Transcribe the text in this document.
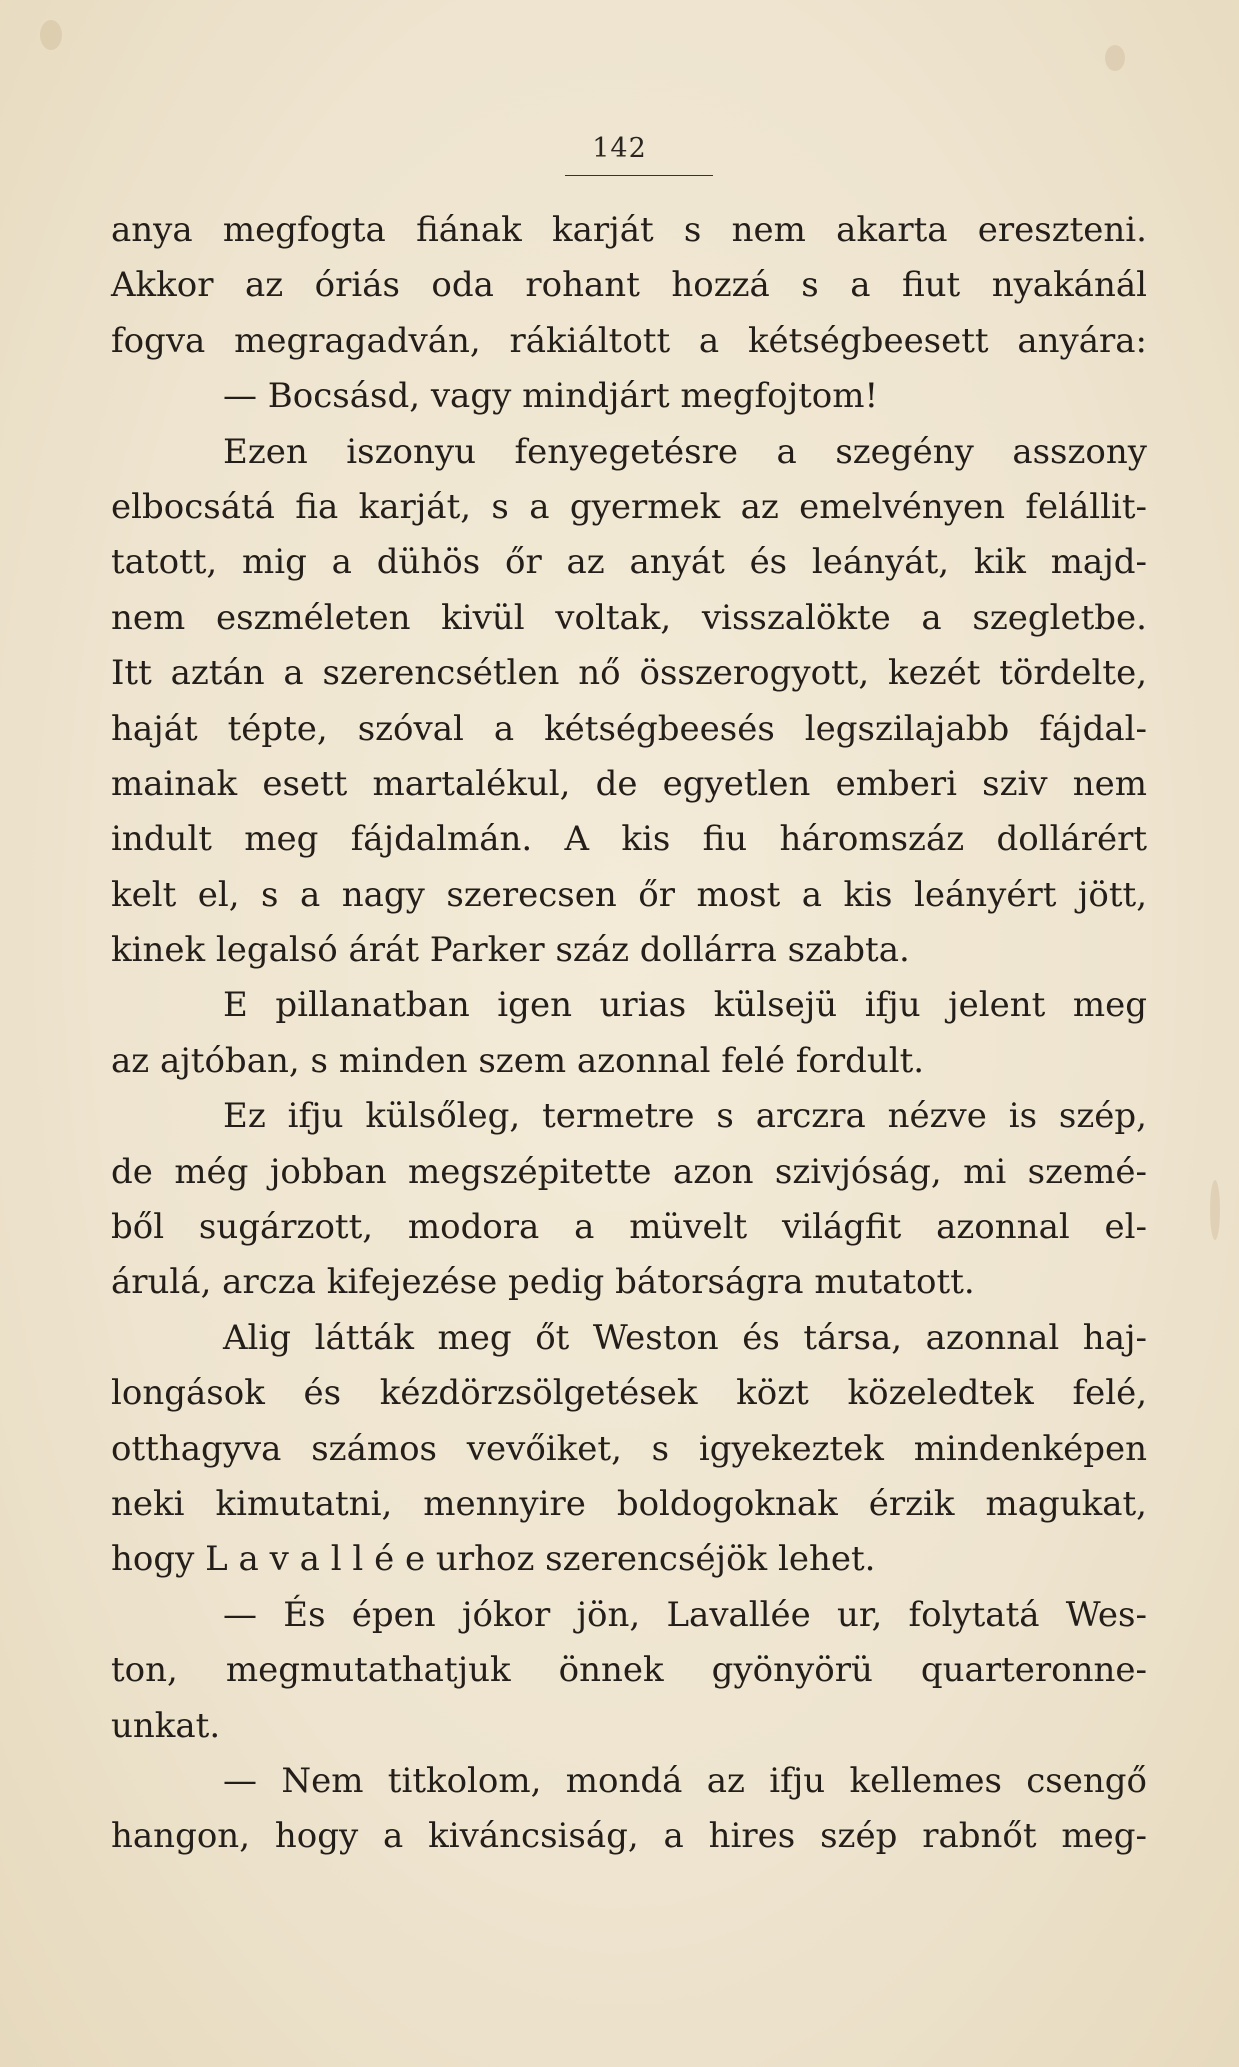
142
anya megfogta fiának karját s nem akarta ereszteni.
Akkor az óriás oda rohant hozzá s a fiut nyakánál
fogva megragadván, rákiáltott a kétségbeesett anyára:
— Bocsásd, vagy mindjárt megfojtom!
Ezen iszonyu fenyegetésre a szegény asszony
elbocsátá fia karját, s a gyermek az emelvényen felállit-
tatott, mig a dühös őr az anyát és leányát, kik majd-
nem eszméleten kivül voltak, visszalökte a szegletbe.
Itt aztán a szerencsétlen nő összerogyott, kezét tördelte,
haját tépte, szóval a kétségbeesés legszilajabb fájdal-
mainak esett martalékul, de egyetlen emberi sziv nem
indult meg fájdalmán. A kis fiu háromszáz dollárért
kelt el, s a nagy szerecsen őr most a kis leányért jött,
kinek legalsó árát Parker száz dollárra szabta.
E pillanatban igen urias külsejü ifju jelent meg
az ajtóban, s minden szem azonnal felé fordult.
Ez ifju külsőleg, termetre s arczra nézve is szép,
de még jobban megszépitette azon szivjóság, mi szemé-
ből sugárzott, modora a müvelt világfit azonnal el-
árulá, arcza kifejezése pedig bátorságra mutatott.
Alig látták meg őt Weston és társa, azonnal haj-
longások és kézdörzsölgetések közt közeledtek felé,
otthagyva számos vevőiket, s igyekeztek mindenképen
neki kimutatni, mennyire boldogoknak érzik magukat,
hogy L a v a l l é e urhoz szerencséjök lehet.
— És épen jókor jön, Lavallée ur, folytatá Wes-
ton, megmutathatjuk önnek gyönyörü quarteronne-
unkat.
— Nem titkolom, mondá az ifju kellemes csengő
hangon, hogy a kiváncsiság, a hires szép rabnőt meg-
